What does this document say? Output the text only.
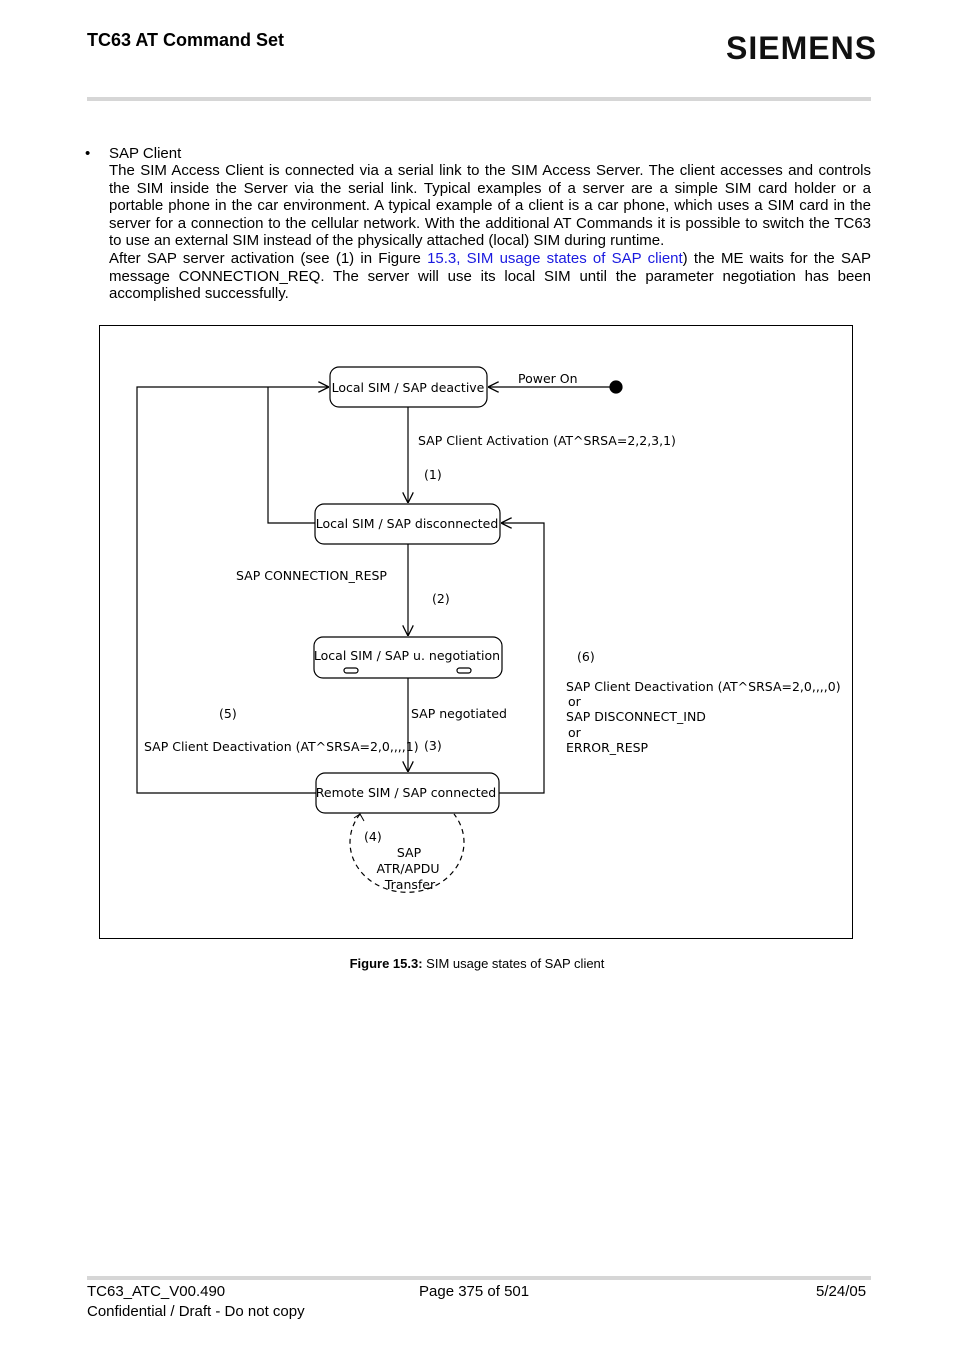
TC63 AT Command Set	SIEMENS
• SAP Client

The SIM Access Client is connected via a serial link to the SIM Access Server. The client accesses and controls the SIM inside the Server via the serial link. Typical examples of a server are a simple SIM card holder or a portable phone in the car environment. A typical example of a client is a car phone, which uses a SIM card in the server for a connection to the cellular network. With the additional AT Commands it is possible to switch the TC63 to use an external SIM instead of the physically attached (local) SIM during runtime.

After SAP server activation (see (1) in Figure 15.3, SIM usage states of SAP client) the ME waits for the SAP message CONNECTION_REQ. The server will use its local SIM until the parameter negotiation has been accomplished successfully.

Local SIM / SAP deactive
Local SIM / SAP disconnected
Local SIM / SAP u. negotiation
Remote SIM / SAP connected
Power On
SAP Client Activation (AT^SRSA=2,2,3,1)
(1)
SAP CONNECTION_RESP
(2)
SAP negotiated
(3)
(5)
SAP Client Deactivation (AT^SRSA=2,0,,,,1)
(6)
SAP Client Deactivation (AT^SRSA=2,0,,,,0)
or
SAP DISCONNECT_IND
or
ERROR_RESP
(4)
SAP
ATR/APDU
Transfer
Figure 15.3: SIM usage states of SAP client
TC63_ATC_V00.490
Confidential / Draft - Do not copy
Page 375 of 501	5/24/05
